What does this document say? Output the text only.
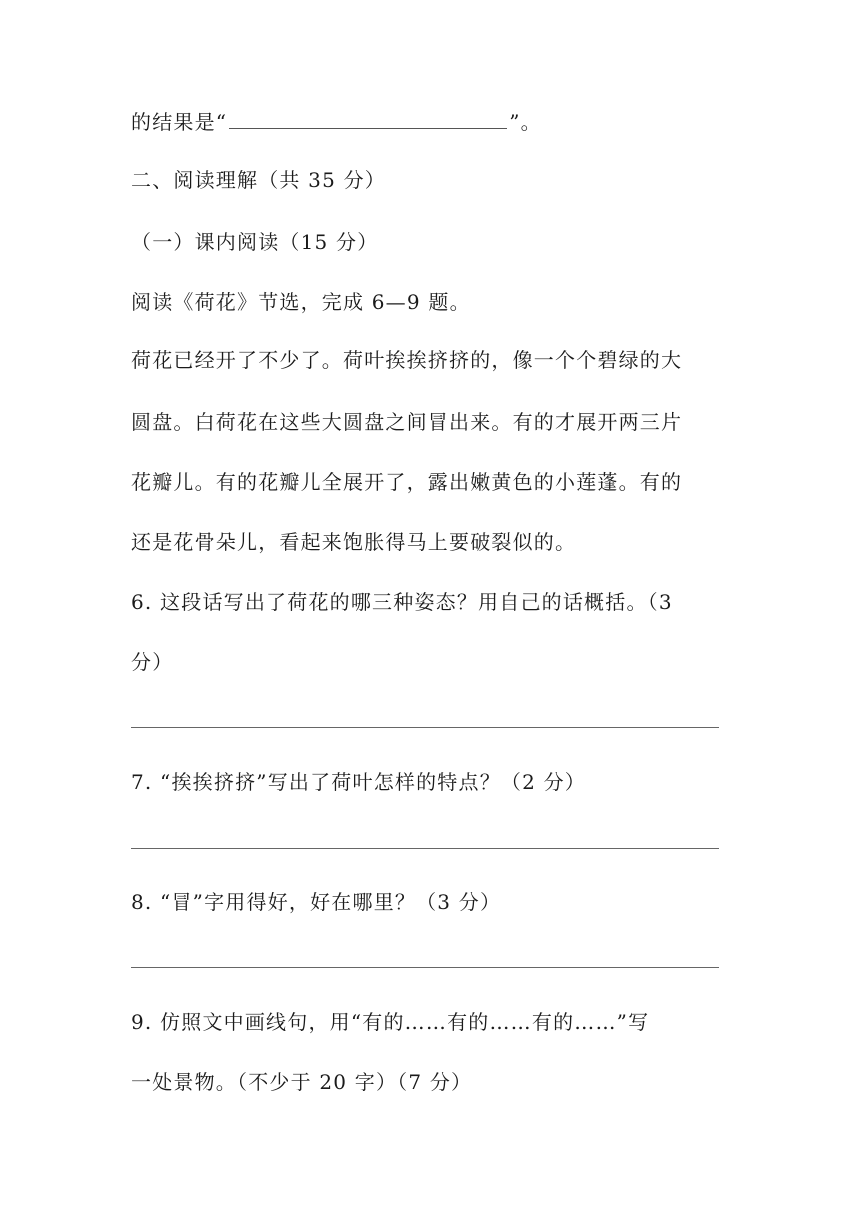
的结果是“	”。
二、阅读理解（共 35 分）
（一）课内阅读（15 分）
阅读《荷花》节选，完成 6—9 题。
荷花已经开了不少了。荷叶挨挨挤挤的，像一个个碧绿的大
圆盘。白荷花在这些大圆盘之间冒出来。有的才展开两三片
花瓣儿。有的花瓣儿全展开了，露出嫩黄色的小莲蓬。有的
还是花骨朵儿，看起来饱胀得马上要破裂似的。
6. 这段话写出了荷花的哪三种姿态？用自己的话概括。（3
分）
7. “挨挨挤挤”写出了荷叶怎样的特点？（2 分）
8. “冒”字用得好，好在哪里？（3 分）
9. 仿照文中画线句，用“有的……有的……有的……”写
一处景物。（不少于 20 字）（7 分）
